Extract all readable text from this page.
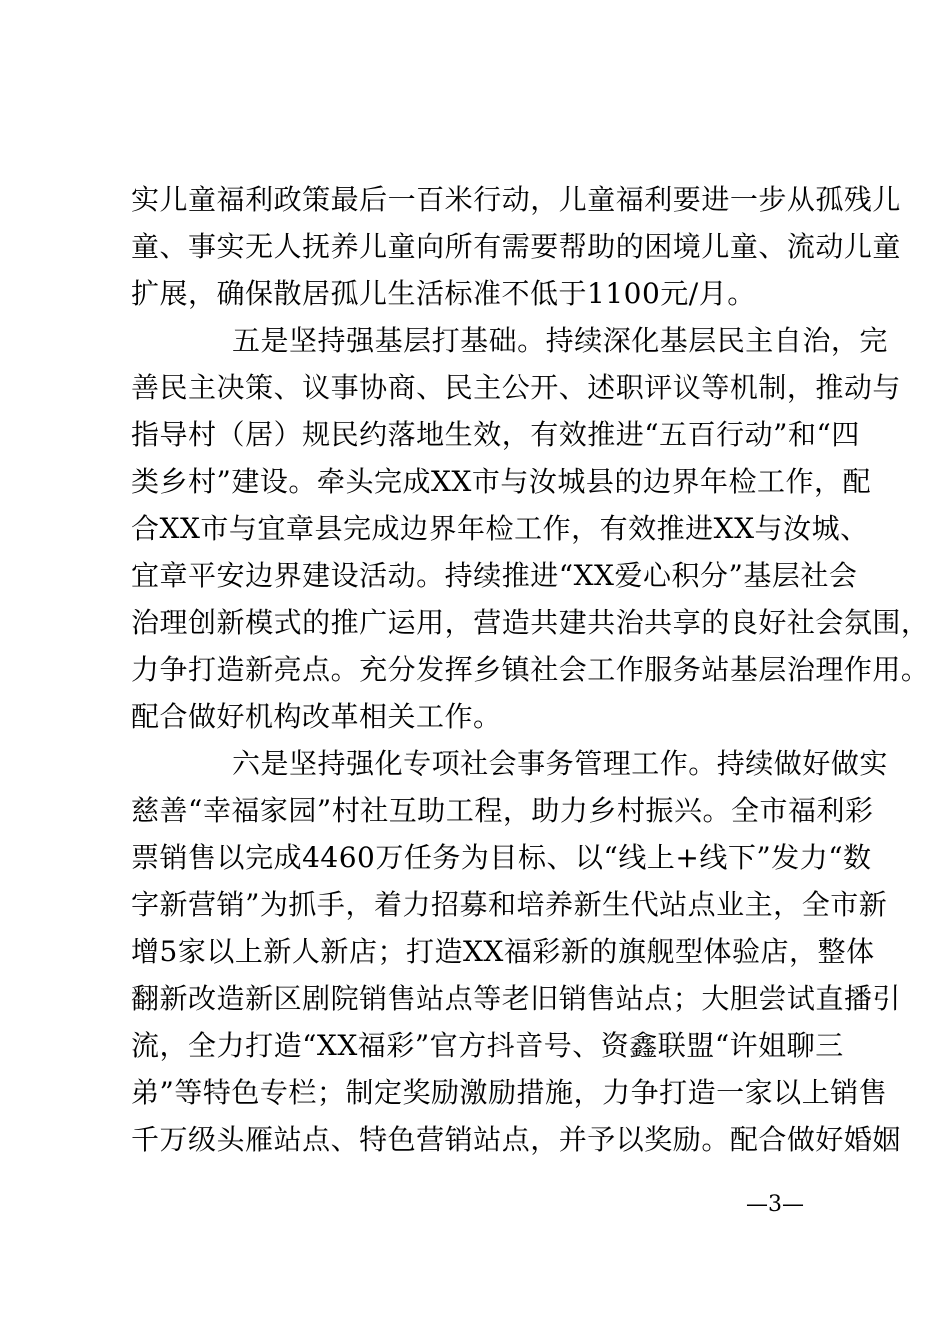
实 儿 童 福 利 政 策 最 后 一 百 米 行 动 ， 儿 童 福 利 要 进 一 步 从 孤 残 儿
童 、 事 实 无 人 抚 养 儿 童 向 所 有 需 要 帮 助 的 困 境 儿 童 、 流 动 儿 童
扩展，确保散居孤儿生活标准不低于1100元/月。
五 是 坚 持 强 基 层 打 基 础 。 持 续 深 化 基 层 民 主 自 治 ， 完
善 民 主 决 策 、 议 事 协 商 、 民 主 公 开 、 述 职 评 议 等 机 制 ， 推 动 与
指 导 村 （ 居 ） 规 民 约 落 地 生 效 ， 有 效 推 进 “ 五 百 行 动 ” 和 “ 四
类 乡 村 ” 建 设 。 牵 头 完 成 XX 市 与 汝 城 县 的 边 界 年 检 工 作 ， 配
合 XX 市 与 宜 章 县 完 成 边 界 年 检 工 作 ， 有 效 推 进 XX 与 汝 城 、
宜 章 平 安 边 界 建 设 活 动 。 持 续 推 进 “ XX 爱 心 积 分 ” 基 层 社 会
治 理 创 新 模 式 的 推 广 运 用 ， 营 造 共 建 共 治 共 享 的 良 好 社 会 氛 围 ，
力 争 打 造 新 亮 点 。 充 分 发 挥 乡 镇 社 会 工 作 服 务 站 基 层 治 理 作 用 。
配合做好机构改革相关工作。
六 是 坚 持 强 化 专 项 社 会 事 务 管 理 工 作 。 持 续 做 好 做 实
慈 善 “ 幸 福 家 园 ” 村 社 互 助 工 程 ， 助 力 乡 村 振 兴 。 全 市 福 利 彩
票 销 售 以 完 成 4460 万 任 务 为 目 标 、 以 “ 线 上 + 线 下 ” 发 力 “ 数
字 新 营 销 ” 为 抓 手 ， 着 力 招 募 和 培 养 新 生 代 站 点 业 主 ， 全 市 新
增 5 家 以 上 新 人 新 店 ； 打 造 XX 福 彩 新 的 旗 舰 型 体 验 店 ， 整 体
翻 新 改 造 新 区 剧 院 销 售 站 点 等 老 旧 销 售 站 点 ； 大 胆 尝 试 直 播 引
流 ， 全 力 打 造 “ XX 福 彩 ” 官 方 抖 音 号 、 资 鑫 联 盟 “ 许 姐 聊 三
弟 ” 等 特 色 专 栏 ； 制 定 奖 励 激 励 措 施 ， 力 争 打 造 一 家 以 上 销 售
千 万 级 头 雁 站 点 、 特 色 营 销 站 点 ， 并 予 以 奖 励 。 配 合 做 好 婚 姻
—3—
